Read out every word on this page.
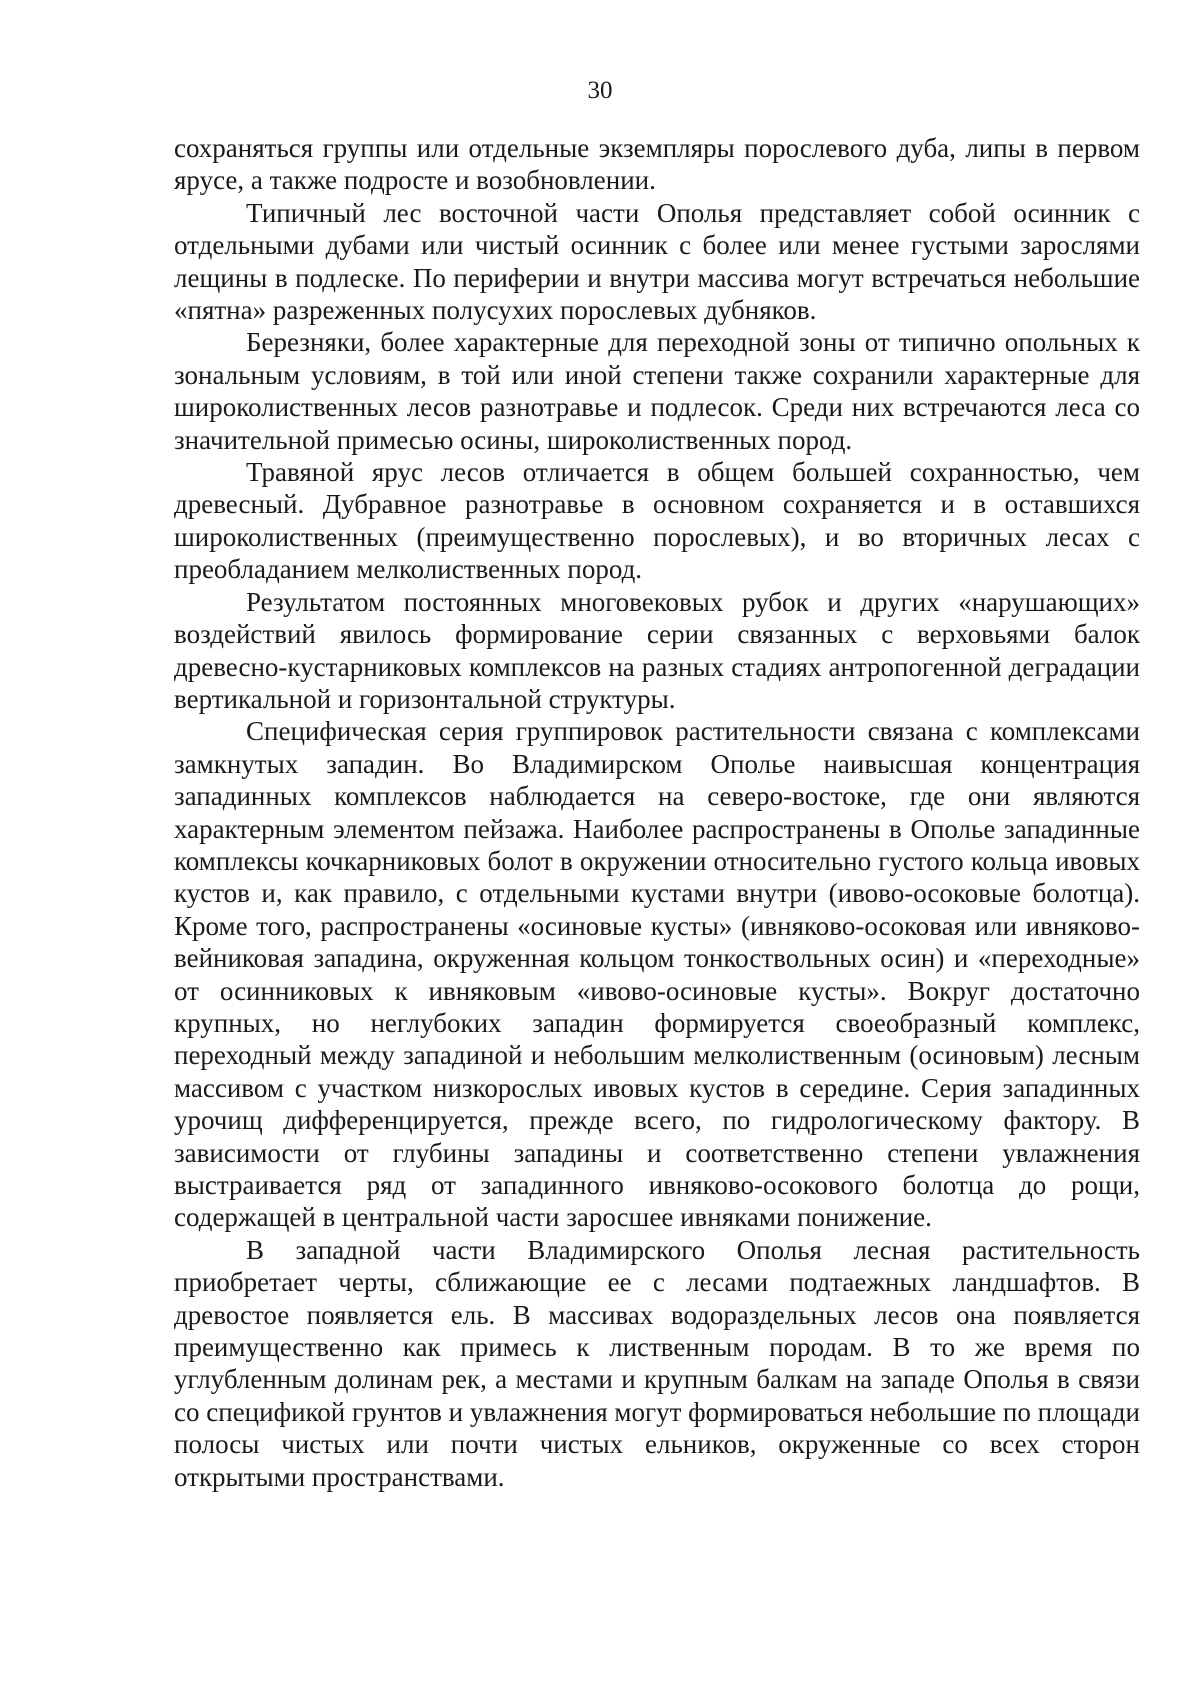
30

сохраняться группы или отдельные экземпляры порослевого дуба, липы в первом ярусе, а также подросте и возобновлении.

Типичный лес восточной части Ополья представляет собой осинник с отдельными дубами или чистый осинник с более или менее густыми зарослями лещины в подлеске. По периферии и внутри массива могут встречаться небольшие «пятна» разреженных полусухих порослевых дубняков.

Березняки, более характерные для переходной зоны от типично опольных к зональным условиям, в той или иной степени также сохранили характерные для широколиственных лесов разнотравье и подлесок. Среди них встречаются леса со значительной примесью осины, широколиственных пород.

Травяной ярус лесов отличается в общем большей сохранностью, чем древесный. Дубравное разнотравье в основном сохраняется и в оставшихся широколиственных (преимущественно порослевых), и во вторичных лесах с преобладанием мелколиственных пород.

Результатом постоянных многовековых рубок и других «нарушающих» воздействий явилось формирование серии связанных с верховьями балок древесно-кустарниковых комплексов на разных стадиях антропогенной деградации вертикальной и горизонтальной структуры.

Специфическая серия группировок растительности связана с комплексами замкнутых западин. Во Владимирском Ополье наивысшая концентрация западинных комплексов наблюдается на северо-востоке, где они являются характерным элементом пейзажа. Наиболее распространены в Ополье западинные комплексы кочкарниковых болот в окружении относительно густого кольца ивовых кустов и, как правило, с отдельными кустами внутри (ивово-осоковые болотца). Кроме того, распространены «осиновые кусты» (ивняково-осоковая или ивняково-вейниковая западина, окруженная кольцом тонкоствольных осин) и «переходные» от осинниковых к ивняковым «ивово-осиновые кусты». Вокруг достаточно крупных, но неглубоких западин формируется своеобразный комплекс, переходный между западиной и небольшим мелколиственным (осиновым) лесным массивом с участком низкорослых ивовых кустов в середине. Серия западинных урочищ дифференцируется, прежде всего, по гидрологическому фактору. В зависимости от глубины западины и соответственно степени увлажнения выстраивается ряд от западинного ивняково-осокового болотца до рощи, содержащей в центральной части заросшее ивняками понижение.

В западной части Владимирского Ополья лесная растительность приобретает черты, сближающие ее с лесами подтаежных ландшафтов. В древостое появляется ель. В массивах водораздельных лесов она появляется преимущественно как примесь к лиственным породам. В то же время по углубленным долинам рек, а местами и крупным балкам на западе Ополья в связи со спецификой грунтов и увлажнения могут формироваться небольшие по площади полосы чистых или почти чистых ельников, окруженные со всех сторон открытыми пространствами.
